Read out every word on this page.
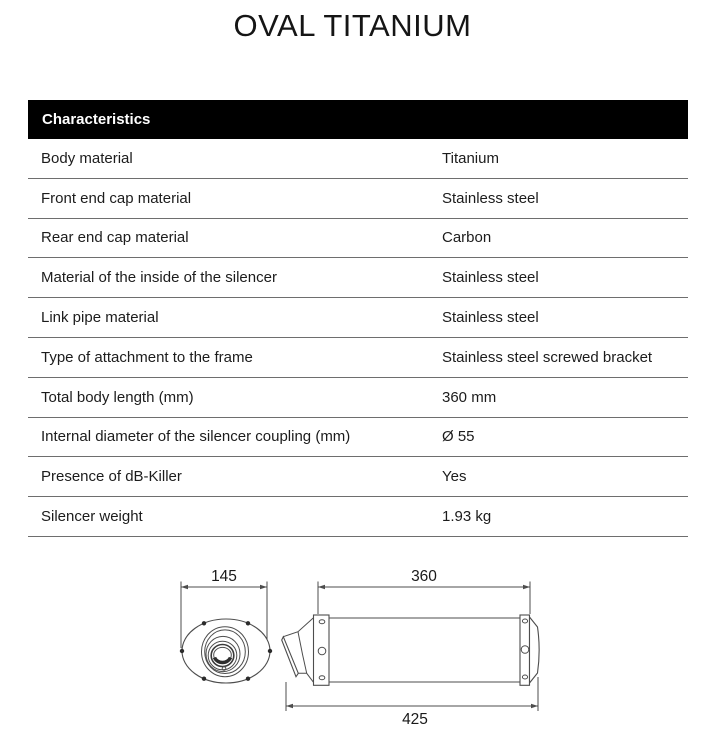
OVAL TITANIUM
Characteristics
Body material	Titanium
Front end cap material	Stainless steel
Rear end cap material	Carbon
Material of the inside of the silencer	Stainless steel
Link pipe material	Stainless steel
Type of attachment to the frame	Stainless steel screwed bracket
Total body length (mm)	360 mm
Internal diameter of the silencer coupling (mm)	Ø 55
Presence of dB-Killer	Yes
Silencer weight	1.93 kg
145	360
425
